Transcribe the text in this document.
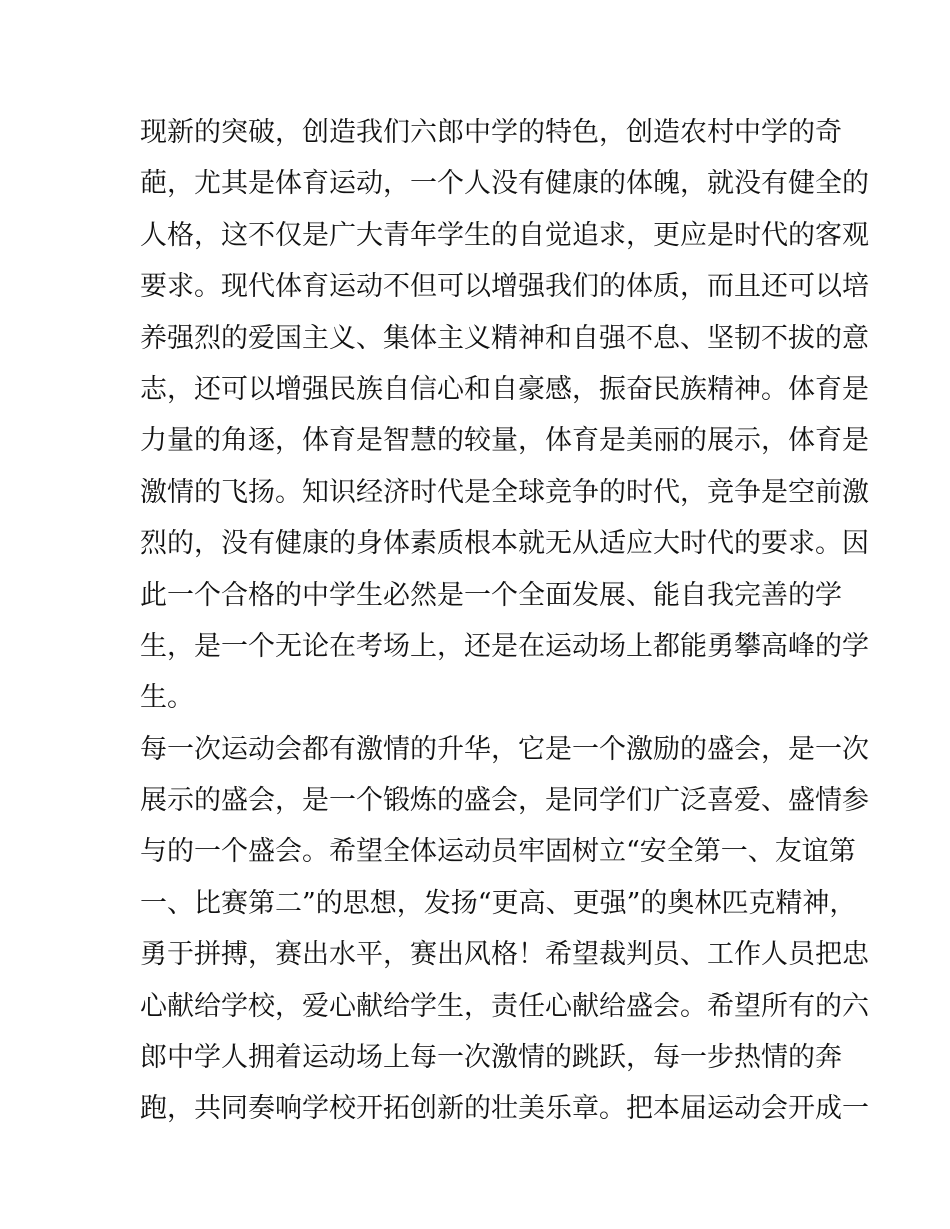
现新的突破，创造我们六郎中学的特色，创造农村中学的奇
葩，尤其是体育运动，一个人没有健康的体魄，就没有健全的
人格，这不仅是广大青年学生的自觉追求，更应是时代的客观
要求。现代体育运动不但可以增强我们的体质，而且还可以培
养强烈的爱国主义、集体主义精神和自强不息、坚韧不拔的意
志，还可以增强民族自信心和自豪感，振奋民族精神。体育是
力量的角逐，体育是智慧的较量，体育是美丽的展示，体育是
激情的飞扬。知识经济时代是全球竞争的时代，竞争是空前激
烈的，没有健康的身体素质根本就无从适应大时代的要求。因
此一个合格的中学生必然是一个全面发展、能自我完善的学
生，是一个无论在考场上，还是在运动场上都能勇攀高峰的学
生。
每一次运动会都有激情的升华，它是一个激励的盛会，是一次
展示的盛会，是一个锻炼的盛会，是同学们广泛喜爱、盛情参
与的一个盛会。希望全体运动员牢固树立“安全第一、友谊第
一、比赛第二”的思想，发扬“更高、更强”的奥林匹克精神，
勇于拼搏，赛出水平，赛出风格！希望裁判员、工作人员把忠
心献给学校，爱心献给学生，责任心献给盛会。希望所有的六
郎中学人拥着运动场上每一次激情的跳跃，每一步热情的奔
跑，共同奏响学校开拓创新的壮美乐章。把本届运动会开成一
